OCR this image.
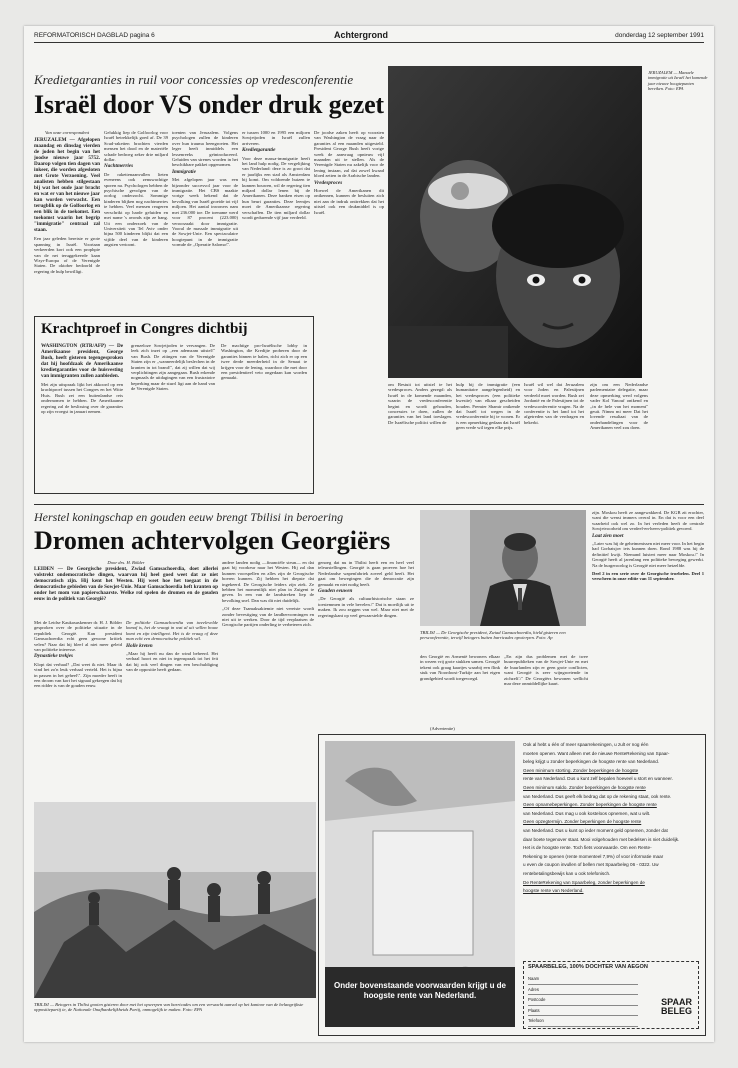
REFORMATORISCH DAGBLAD pagina 6	Achtergrond	donderdag 12 september 1991
Kredietgaranties in ruil voor concessies op vredesconferentie
Israël door VS onder druk gezet
JERUZALEM — Manuele immigratie uit Israël het komende jaar nieuwe hoogtepunten bereiken. Foto: EPA
Van onze correspondent
JERUZALEM — Afgelopen maandag en dinsdag vierden de joden het begin van het joodse nieuwe jaar 5752. Daarop volgen tien dagen van inkeer, die worden afgesloten met Grote Verzoening. Veel analisten hebben stilgestaan bij wat het oude jaar bracht en wat er van het nieuwe jaar kan worden verwacht. Een terugblik op de Golfoorlog en een blik in de toekomst. Een toekomst waarin het begrip "immigratie" centraal zal staan.
Een jaar geleden bereiste er grote spanning in Israël. Voortaan verkeerden kort ook een prophpie van de net teruggekeerde kaan Wzyr-Europa of de Verenigde Staten. De oktober bedoorld de regering de hulp bewilligt.
Gelukkig liep de Golfoorlog voor Israël betrekkelijk goed af. De 39 Scud-raketten brachten vierden mensen het dood en de materiële schade bedroeg zeker drie miljard dollar.
Nachtmerries
De rakettenaanvallen lieten eveneens ook zenuwachtige sporen na. Psychologen hebben de psychische gevolgen van de oorlog onderzocht. Sommige kinderen blijken nog nachtmerries te hebben. Veel mensen reageren verschrikt op harde geluiden en met name 's avonds zijn ze bang. Uit een onderzoek van de Universiteit van Tel Aviv onder bijna 500 kinderen blijkt dat een vijfde deel van de kinderen angsten vertoont.
toenten van Jeruzalem. Volgens psychologen zullen de kinderen over hun trauma heengroeien. Het leger heeft inmiddels een lessenreeks geïntroduceerd. Geluiden van sirenes worden in het beschikbare pakket opgenomen.
Immigratie
Met afgelopen jaar was een bijzonder succesvol jaar voor de immigratie. Het CBS maakte vorige week bekend dat de bevolking van Israël groeide tot vijf miljoen. Het aantal inwoners nam met 236.000 toe. De toename werd voor 87 procent (223.000) veroorzaakt door immigratie. Vooral de massale immigratie uit de Sowjet-Unie. Een spectaculaire hoogtepunt in de immigratie vormde de ,,Operatie Salomo\".
er tussen 1000 en 1995 een miljoen Sowjetjoden in Israël zullen arriveren.
Kredietgarantie
Voor deze massa-immigratie heeft het land hulp nodig. De vergelijking van Nederland: deze is zo groot dat er jaarlijks een stad als Amsterdam bij komt. Om voldoende huizen te kunnen bouwen, wil de regering tien miljard dollar lenen bij de Amerikanen. Deze banken eisen op hun beurt garanties. Deze leentjes moet de Amerikaanse regering verschaffen. De tien miljard dollar wordt gedurende vijf jaar verdeeld.
De joodse zaken heeft op voorzien van Washington de vraag naar de garanties al een maanden uitgesteld. President George Bush heeft vorige week de aanvraag opnieuw vijf maanden uit te stellen. Als de Verenigde Staten nu zakelijk voor de lening instaan, zal dat zowel kwaad bloed zetten in de Arabische landen.
Vredesproces
Hoewel de Amerikanen dit ontkennen, kunnen de besluiten zich niet aan de indruk onttrekken dat het uitstel ook een drukmiddel is op Israël.
om Bestuit tot uitstel te het vredesproces. Anders gezegd: als Israël in de komende maanden, waarin de vredesconferentie begint en wordt gehouden, concessies te doen, zullen de garanties van het land toeslagen. De Israëlische politici willen de
hulp bij de immigratie (een humanitaire aangelegenheid) en het vredesproces (een politieke kwestie) van elkaar gescheiden houden. Premier Shamir ontkende dat Israël tot wegen in de vredesconferentie bij te wonen. Er is een opmerking gedaan dat Israël geen vrede wil tegen elke prijs.
Israël wil wel dat Jeruzalem voor Joden en Palestijnen verdeeld moet worden. Bush zei Jordanië en de Palestijnen tot de vredesconferentie vragen. Na de conferentie is het land tot het afgetreden van de verdragen en bekerkt.
zijn om een Nederlandse parlementaire delegatie, maar deze opmerking werd volgens vader Kol Vanouf ontkend en ,,in de hele van het moment" geuit. Nimm mi meer Dat het lovende resultaat van de onderhandelingen voor de Amerikanen veel zou doen.
Krachtproef in Congres dichtbij
WASHINGTON (RTR/AFP) — De Amerikaanse president, George Bush, heeft gisteren tegengesproken dat hij hoofdzaak de Amerikaanse kredietgaranties voor de huisvesting van immigranten zullen aanbieden.
Met zijn uitspraak lijkt het akkoord op een krachtproef tussen het Congres en het Witte Huis. Bush zei een buitenlandse reis ondernomen te hebben. De Amerikaanse regering zal de beslissing over de garanties op zijn vroegst in januari nemen.
grenzeloze Sowjetjoden te vervangen. De leek zich inzet op ,,een ademzam uitstel\" van Bush. De zitingen van de Verenigde Staten zijn er ,,wanneerdelijk beslechen in de kranten in tot brand\", dat zij willen dat wij verplichtingen zijn aangegaan. Bush erkende nogmaals de uitdagingen van een frustratoire beperking maar de sturrl ligt aan de hand van de Verenigde Staten.
De machtige pro-Israëlische lobby in Washington, die Kredijte proberen door de garanties binnen te halen, richt zich er op een twee derde meerderheid in de Senaat te krijgen voor de lening, waardoor die met door een presidentieel veto ongedaan kan worden gemaakt.
Herstel koningschap en gouden eeuw brengt Tbilisi in beroering
Dromen achtervolgen Georgiërs
TBILISI — De Georgische president, Zwiad Gamsachoerdia, hield gisteren een persconferentie, terwijl betogers buiten barricades opwierpen. Foto: Ap
zijn. Moskou heeft ze aangewakkerd. De KGB zit erachter, want die wenst immers overal in. En dat is voor een deel waarheid ook wel zo. In het verleden heeft de centrale Sowjetvoorheid om verdeel-en-heers-politiek gevoerd.
Laat zien moet
,,Later was hij de geheimenissen niet meer voor. In het begin had Gorbatsjov iets kunnen doen. Rond 1988 was hij de definitief kwijt. Niemand luistert meer naar Moskou.\" In Georgië heeft al jarenlang een politieke beweging gewerkt. Na de burgeroorlog is Georgië niet meer hetzelfde.
Deel 2 in een serie over de Georgische troebelen. Deel 1 verscheen in onze editie van 11 september.
Door drs. H. Bölder
LEIDEN — De Georgische president, Zwiad Gamsachoerdia, doet allerlei volstrekt ondemocratische dingen, waarvan hij heel goed weet dat ze niet democratisch zijn. Hij kent het Westen. Hij weet hoe het toegaat in de democratische gebieden van de Sowjet-Unie. Maar Gamsachoerdia heft kranten op onder het mom van papierschaarste. Welke rol spelen de dromen en de gouden eeuw in de politiek van Georgië?
Met de Leidse Kaukasuskenner dr. H. J. Bölder gesproken over de politieke situatie in de republiek Georgië. Kan president Gamsachoerdia echt geen gewone kritiek velen? Naar dat hij bleef al niet meer geleid van politieke interesse.
Dynastieke trekjes
Klopt dat verhaal? ,,Dat weet ik niet. Maar ik vind het zo'n leuk verhaal verteld. Het is bijna in passen in het geheel\". Zijn moeder heeft in een droom van kort het signaal gekregen dat hij een ridder is van de gouden eeuw.
De politieke Gamsachoerdia van tweelevelde komaf is, het de vraagt in wat al uit willen bouw komt en zijn intelligent. Het is de vraag of deze man echt een democratische politiek wil.
Holle kreten
,,Maar hij heeft nu dan de wind beheerd. Het verhaal hoort en niet in tegenspraak tot het feit dat hij ook veel dingen van een beschuldiging van de oppositie heeft gedaan.
andere landen nodig —financiële steun— en dat gaat bij voorkeur naar het Westen. Hij zal dan kunnen voorspellen en alles zijn de Georgische boeren kunnen. Zij hebben het diepste dat ingekeerd. De Georgische leiders zijn ziek. Ze hebben het momentlijk niet plan in Zuigeni te geven. In een van de landstreken liep de bevolking snel. Dan was dit niet duidelijk.
,,Of deze Tsamaksakiemie niet vereiste wordt zonder bevestiging van de landhervormingen en niet uit te werken. Door de tijd verplaatsen de Georgische partijen onderling te verbeteren zich.
genoeg dat nu in Tbilisi heeft een en heel veel teleurstellingen. Georgië is gaan proeven hoe het Nederlandse wapenfabriek zoveel geld heeft. Het gaat om bewegingen die de democratie zijn gemaakt en niet nodig heeft.
Gouden eeuwen
,,De Georgië als cultuurhistorische staan ze toestemmen in vele bevelen.\" Dat is moeilijk uit te maken. Ik zou zeggen van wel. Maar niet met de regeringskant op veel gewaarstelde dingen.
den Georgië en Armenië bewoners elkaar in wezen vrij grote stukken samen. Georgië tekent ook graag kaartjes waarbij een flink stuk van Noordoost-Turkije aan het eigen grondgebied wordt toegevoegd.
,,En zijn dus problemen met de twee buurrepublieken van de Sowjet-Unie en met de buurlanden zijn er geen grote conflicten, want Georgië is zeer wijngroeiende in zichzelf.\" De Georgiërs bewonen wellicht mar deze onmiddellijke kaart.
TBILISI — Betogers in Tbilisi gooien gisteren door met het opwerpen van barricades om een verwacht aanval op het kantoor van de belangrijkste oppositiepartij te, de Nationale Onafhankelijkheids Partij, onmogelijk te maken. Foto: EPA
(Advertentie)
Onder bovenstaande voorwaarden krijgt u de hoogste rente van Nederland.
Ook al hebt u één of meer spaarrekeningen, u zult er nog één
moeten openen. Want alleen met de nieuwe RenteRekening van Spaar-
beleg krijgt u zonder beperkingen de hoogste rente van Nederland.
Geen minimum storting. Zonder beperkingen de hoogste
rente van Nederland. Dus u kunt zelf bepalen hoeveel u stort en wanneer.
Geen minimum saldo. Zonder beperkingen de hoogste rente
van Nederland. Dus geeft elk bedrag dat op de rekening staat, ook rente.
Geen opnamebeperkingen. Zonder beperkingen de hoogste rente
van Nederland. Dus mag u ook kosteloos opnemen, wat u wilt.
Geen opzegtermijn. Zonder beperkingen de hoogste rente
van Nederland. Dus u kunt op ieder moment geld opnemen, zonder dat
daar boete tegenover staat. Mooi volgehouden met bedelsen is niet duidelijk.
Het is de hoogste rente. Toch fiets voorwaarde. Om een Rente-
Rekening te openen (rente momenteel 7,9%) of voor informatie maar
u even de coupon invullen of bellen met Spaarbeleg 06 - 0322. Uw
rentebetalingsbewijs kan u ook telefonisch.
De RenteRekening van Spaarbeleg, zonder beperkingen de
hoogste rente van Nederland.
SPAARBELEG, 100% DOCHTER VAN AEGON
Naam
Adres
Postcode
Plaats
Telefoon
SPAAR
BELEG
